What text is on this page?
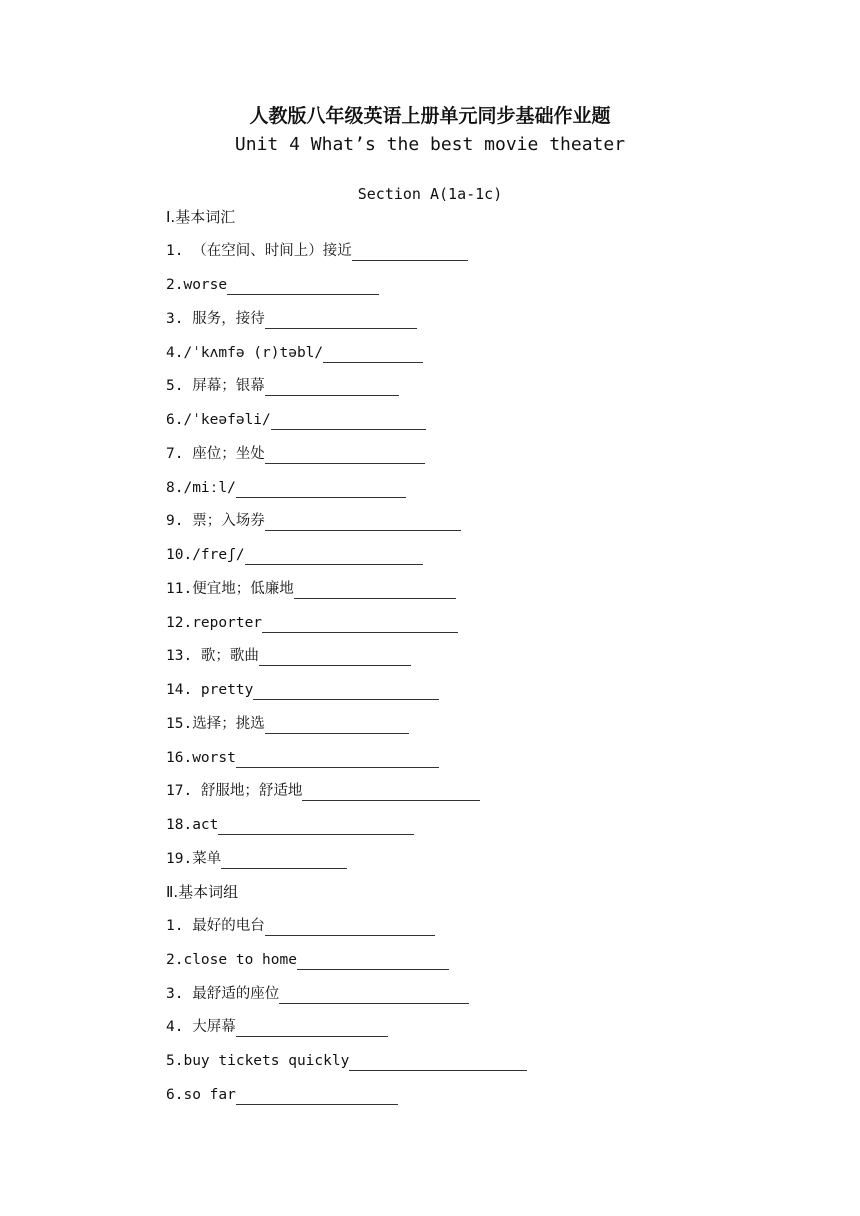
人教版八年级英语上册单元同步基础作业题
Unit 4 What’s the best movie theater
Section A(1a-1c)
Ⅰ.基本词汇
1. （在空间、时间上）接近
2.worse
3. 服务，接待
4./ˈkʌmfə (r)təbl/
5. 屏幕；银幕
6./ˈkeəfəli/
7. 座位；坐处
8./miːl/
9. 票；入场券
10./freʃ/
11.便宜地；低廉地
12.reporter
13. 歌；歌曲
14. pretty
15.选择；挑选
16.worst
17. 舒服地；舒适地
18.act
19.菜单
Ⅱ.基本词组
1. 最好的电台
2.close to home
3. 最舒适的座位
4. 大屏幕
5.buy tickets quickly
6.so far
